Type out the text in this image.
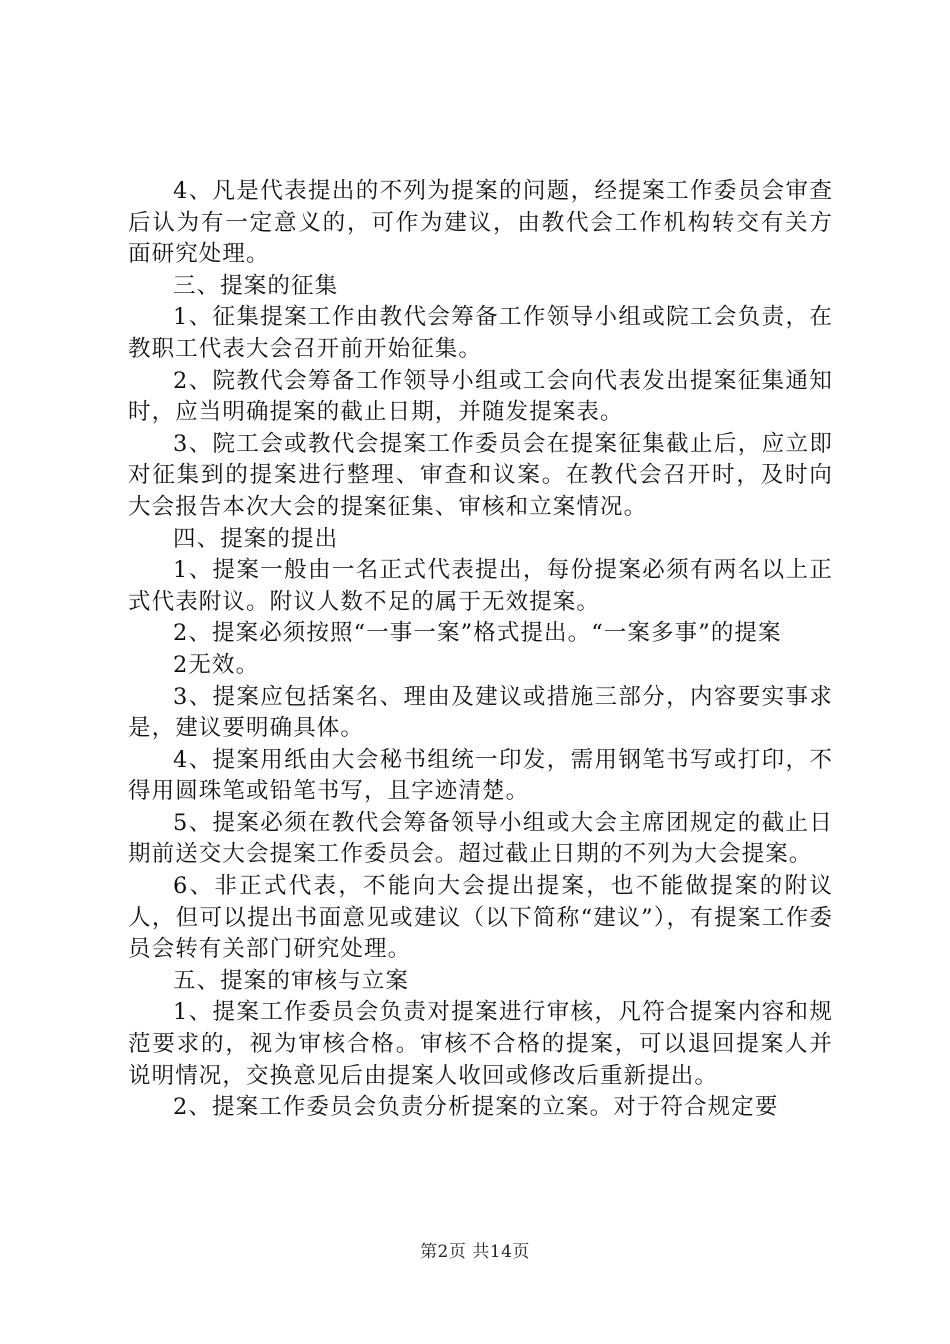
4、凡是代表提出的不列为提案的问题，经提案工作委员会审查后认为有一定意义的，可作为建议，由教代会工作机构转交有关方面研究处理。

三、提案的征集

1、征集提案工作由教代会筹备工作领导小组或院工会负责，在教职工代表大会召开前开始征集。

2、院教代会筹备工作领导小组或工会向代表发出提案征集通知时，应当明确提案的截止日期，并随发提案表。

3、院工会或教代会提案工作委员会在提案征集截止后，应立即对征集到的提案进行整理、审查和议案。在教代会召开时，及时向大会报告本次大会的提案征集、审核和立案情况。

四、提案的提出

1、提案一般由一名正式代表提出，每份提案必须有两名以上正式代表附议。附议人数不足的属于无效提案。

2、提案必须按照“一事一案”格式提出。“一案多事”的提案

2无效。

3、提案应包括案名、理由及建议或措施三部分，内容要实事求是，建议要明确具体。

4、提案用纸由大会秘书组统一印发，需用钢笔书写或打印，不得用圆珠笔或铅笔书写，且字迹清楚。

5、提案必须在教代会筹备领导小组或大会主席团规定的截止日期前送交大会提案工作委员会。超过截止日期的不列为大会提案。

6、非正式代表，不能向大会提出提案，也不能做提案的附议人，但可以提出书面意见或建议（以下简称“建议”），有提案工作委员会转有关部门研究处理。

五、提案的审核与立案

1、提案工作委员会负责对提案进行审核，凡符合提案内容和规范要求的，视为审核合格。审核不合格的提案，可以退回提案人并说明情况，交换意见后由提案人收回或修改后重新提出。

2、提案工作委员会负责分析提案的立案。对于符合规定要

第2页 共14页
